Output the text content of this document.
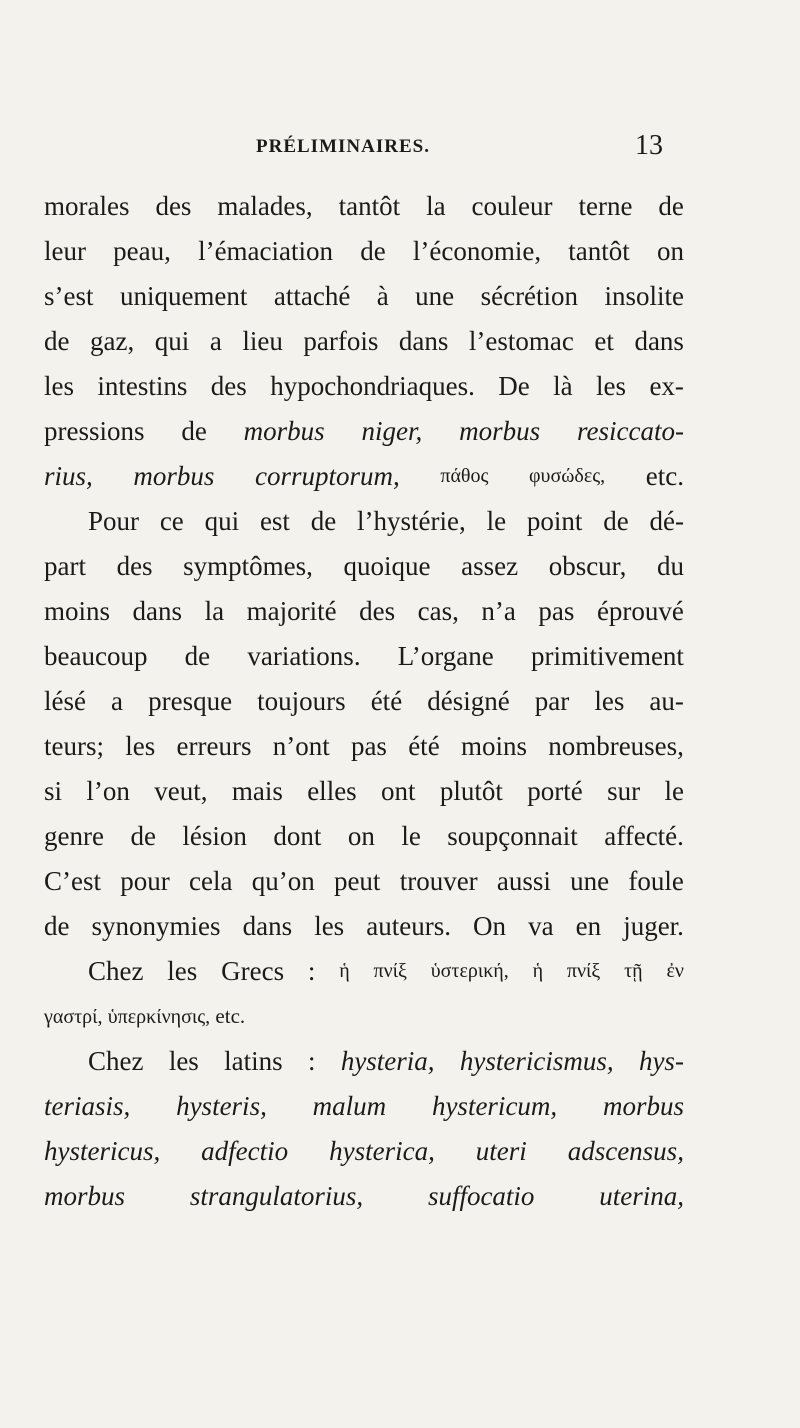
PRÉLIMINAIRES.	13
morales des malades, tantôt la couleur terne de
leur peau, l’émaciation de l’économie, tantôt on
s’est uniquement attaché à une sécrétion insolite
de gaz, qui a lieu parfois dans l’estomac et dans
les intestins des hypochondriaques. De là les ex-
pressions de morbus niger, morbus resiccato-
rius, morbus corruptorum, πάθος φυσώδες, etc.
Pour ce qui est de l’hystérie, le point de dé-
part des symptômes, quoique assez obscur, du
moins dans la majorité des cas, n’a pas éprouvé
beaucoup de variations. L’organe primitivement
lésé a presque toujours été désigné par les au-
teurs; les erreurs n’ont pas été moins nombreuses,
si l’on veut, mais elles ont plutôt porté sur le
genre de lésion dont on le soupçonnait affecté.
C’est pour cela qu’on peut trouver aussi une foule
de synonymies dans les auteurs. On va en juger.
Chez les Grecs : ἡ πνίξ ὑστερική, ἡ πνίξ τῇ ἐν
γαστρί, ὑπερκίνησις, etc.
Chez les latins : hysteria, hystericismus, hys-
teriasis, hysteris, malum hystericum, morbus
hystericus, adfectio hysterica, uteri adscensus,
morbus strangulatorius, suffocatio uterina,
